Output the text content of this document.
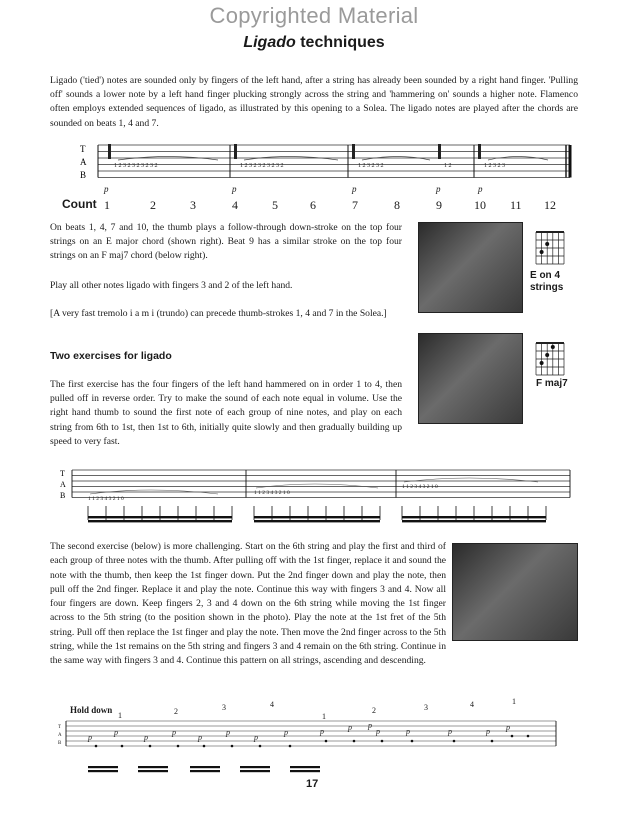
Copyrighted Material
Ligado techniques

Ligado ('tied') notes are sounded only by fingers of the left hand, after a string has already been sounded by a right hand finger. 'Pulling off' sounds a lower note by a left hand finger plucking strongly across the string and 'hammering on' sounds a higher note. Flamenco often employs extended sequences of ligado, as illustrated by this opening to a Solea. The ligado notes are played after the chords are sounded on beats 1, 4 and 7.

T
A
B
1 2 3 2 3 2 3 2 3 2	1 2 3 2 3 2 3 2 3 2	1 2 3 2 3 2	1 2	1 2 3 2 3
Count
p	p	p	p	p
1	2	3	4	5	6	7	8	9	10 11 12

On beats 1, 4, 7 and 10, the thumb plays a follow-through down-stroke on the top four strings on an E major chord (shown right). Beat 9 has a similar stroke on the top four strings on an F maj7 chord (below right).

Play all other notes ligado with fingers 3 and 2 of the left hand.

[A very fast tremolo i a m i (trundo) can precede thumb-strokes 1, 4 and 7 in the Solea.]

Two exercises for ligado

The first exercise has the four fingers of the left hand hammered on in order 1 to 4, then pulled off in reverse order. Try to make the sound of each note equal in volume. Use the right hand thumb to sound the first note of each group of nine notes, and play on each string from 6th to 1st, then 1st to 6th, initially quite slowly and then gradually building up speed to very fast.

E on 4
strings
F maj7
T
A
B	1 1 2 3 4 3 2 1 0
1 1 2 3 4 3 2 1 0
1 1 2 3 4 3 2 1 0

The second exercise (below) is more challenging. Start on the 6th string and play the first and third of each group of three notes with the thumb. After pulling off with the 1st finger, replace it and sound the note with the thumb, then keep the 1st finger down. Put the 2nd finger down and play the note, then pull off the 2nd finger. Replace it and play the note. Continue this way with fingers 3 and 4. Now all four fingers are down. Keep fingers 2, 3 and 4 down on the 6th string while moving the 1st finger across to the 5th string (to the position shown in the photo). Play the note at the 1st fret of the 5th string. Pull off then replace the 1st finger and play the note. Then move the 2nd finger across to the 5th string, while the 1st remains on the 5th string and fingers 3 and 4 remain on the 6th string. Continue in the same way with fingers 3 and 4. Continue this pattern on all strings, ascending and descending.

Hold down
1	2	3	4
1
2	3	4	1
T
A
B
p
p
p
p
p
p
p
p	p	p p
p	p	p	p p
17
